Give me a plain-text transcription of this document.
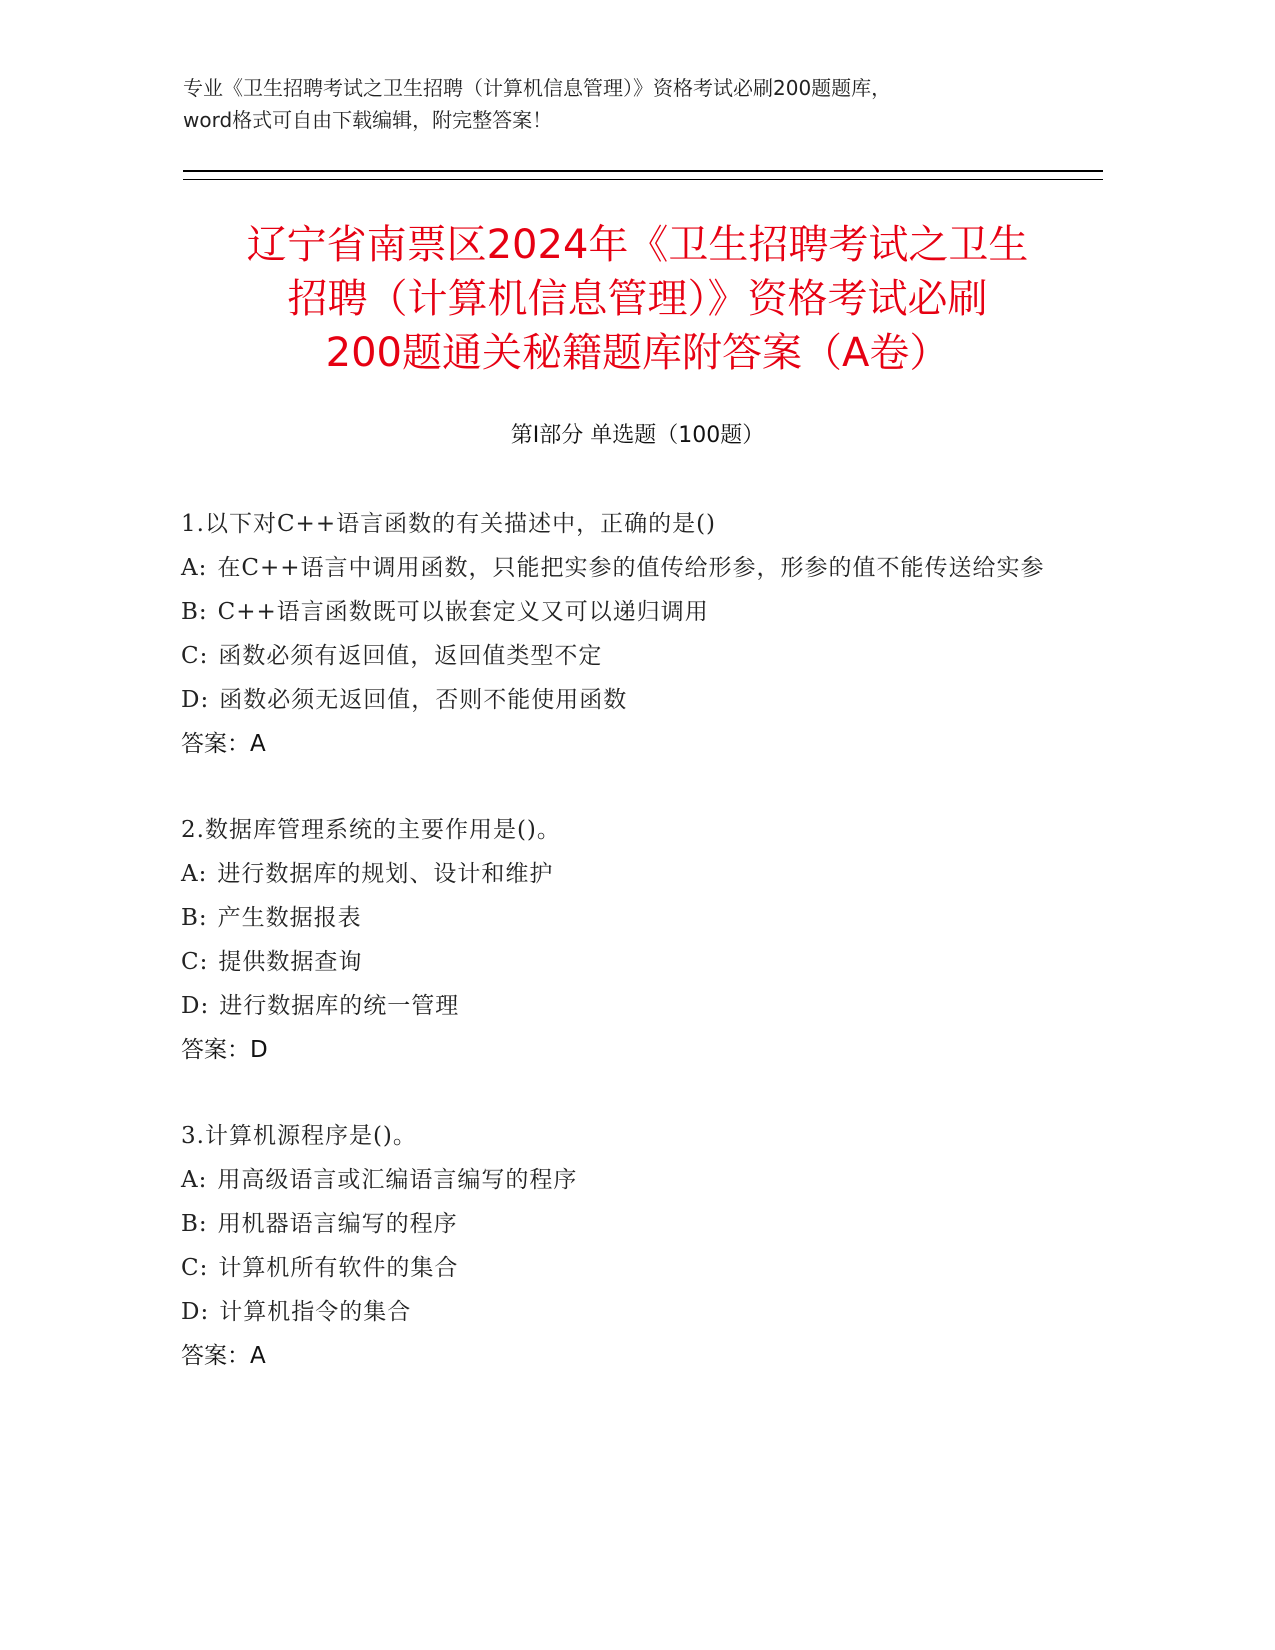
专业《卫生招聘考试之卫生招聘（计算机信息管理）》资格考试必刷200题题库，
word格式可自由下载编辑，附完整答案！
辽宁省南票区2024年《卫生招聘考试之卫生
招聘（计算机信息管理）》资格考试必刷
200题通关秘籍题库附答案（A卷）
第Ⅰ部分 单选题（100题）
1.以下对C++语言函数的有关描述中，正确的是()
A: 在C++语言中调用函数，只能把实参的值传给形参，形参的值不能传送给实参
B: C++语言函数既可以嵌套定义又可以递归调用
C: 函数必须有返回值，返回值类型不定
D: 函数必须无返回值，否则不能使用函数
答案：A
2.数据库管理系统的主要作用是()。
A: 进行数据库的规划、设计和维护
B: 产生数据报表
C: 提供数据查询
D: 进行数据库的统一管理
答案：D
3.计算机源程序是()。
A: 用高级语言或汇编语言编写的程序
B: 用机器语言编写的程序
C: 计算机所有软件的集合
D: 计算机指令的集合
答案：A
